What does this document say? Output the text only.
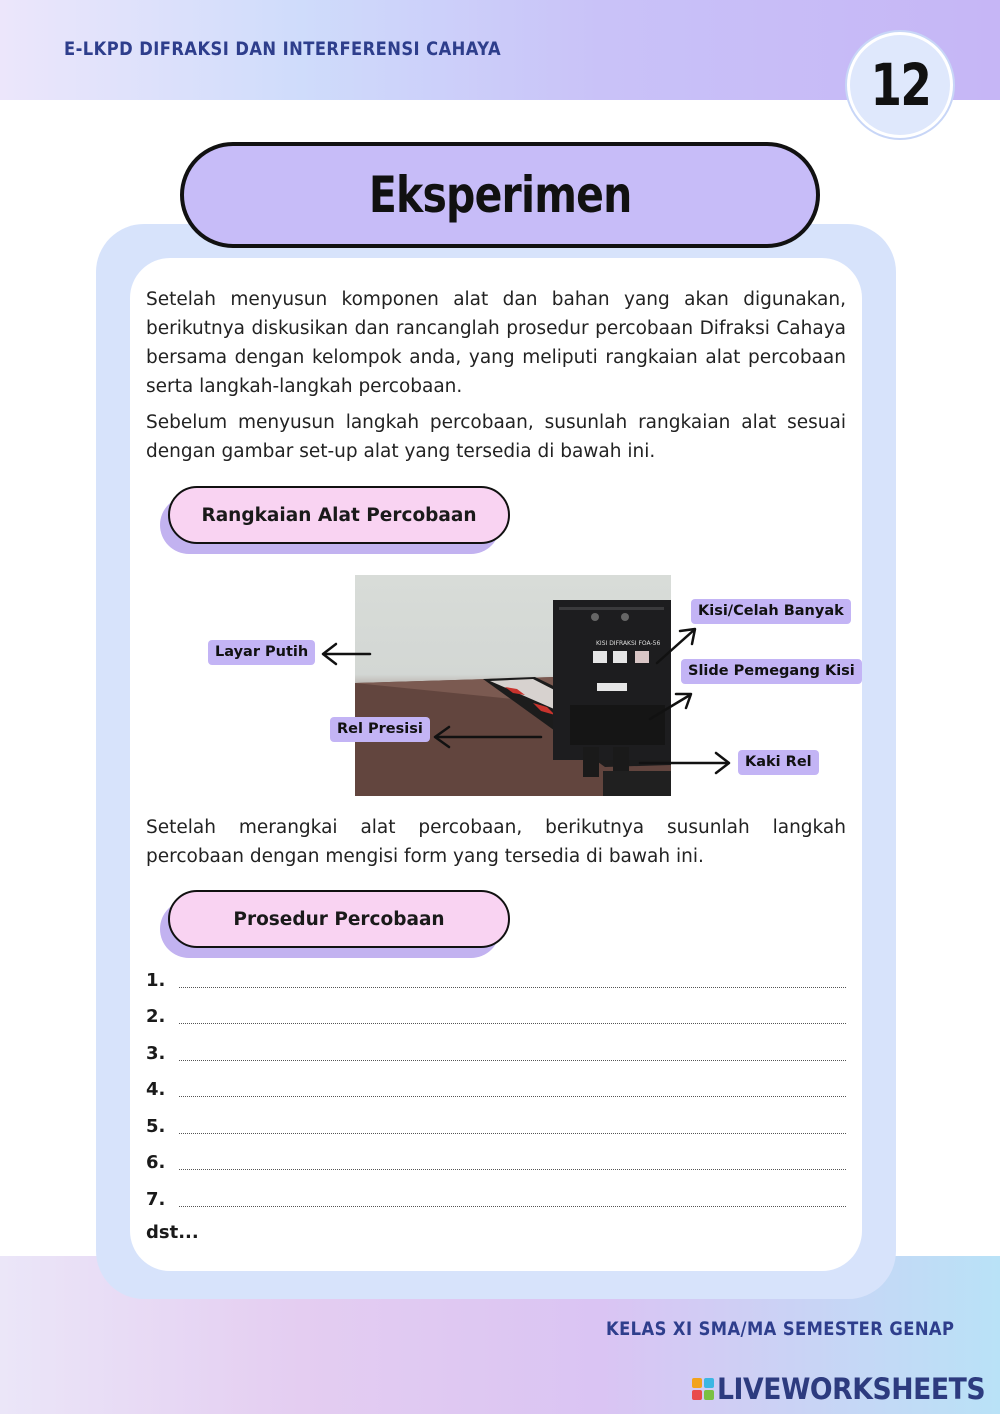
E-LKPD DIFRAKSI DAN INTERFERENSI CAHAYA
12
Eksperimen

Setelah menyusun komponen alat dan bahan yang akan digunakan, berikutnya diskusikan dan rancanglah prosedur percobaan Difraksi Cahaya bersama dengan kelompok anda, yang meliputi rangkaian alat percobaan serta langkah-langkah percobaan.

Sebelum menyusun langkah percobaan, susunlah rangkaian alat sesuai dengan gambar set-up alat yang tersedia di bawah ini.

Rangkaian Alat Percobaan
KISI DIFRAKSI FOA-56
Layar Putih
Rel Presisi
Kisi/Celah Banyak
Slide Pemegang Kisi
Kaki Rel

Setelah merangkai alat percobaan, berikutnya susunlah langkah percobaan dengan mengisi form yang tersedia di bawah ini.

Prosedur Percobaan
1.
2.
3.
4.
5.
6.
7.
dst...
KELAS XI SMA/MA SEMESTER GENAP
LIVEWORKSHEETS
